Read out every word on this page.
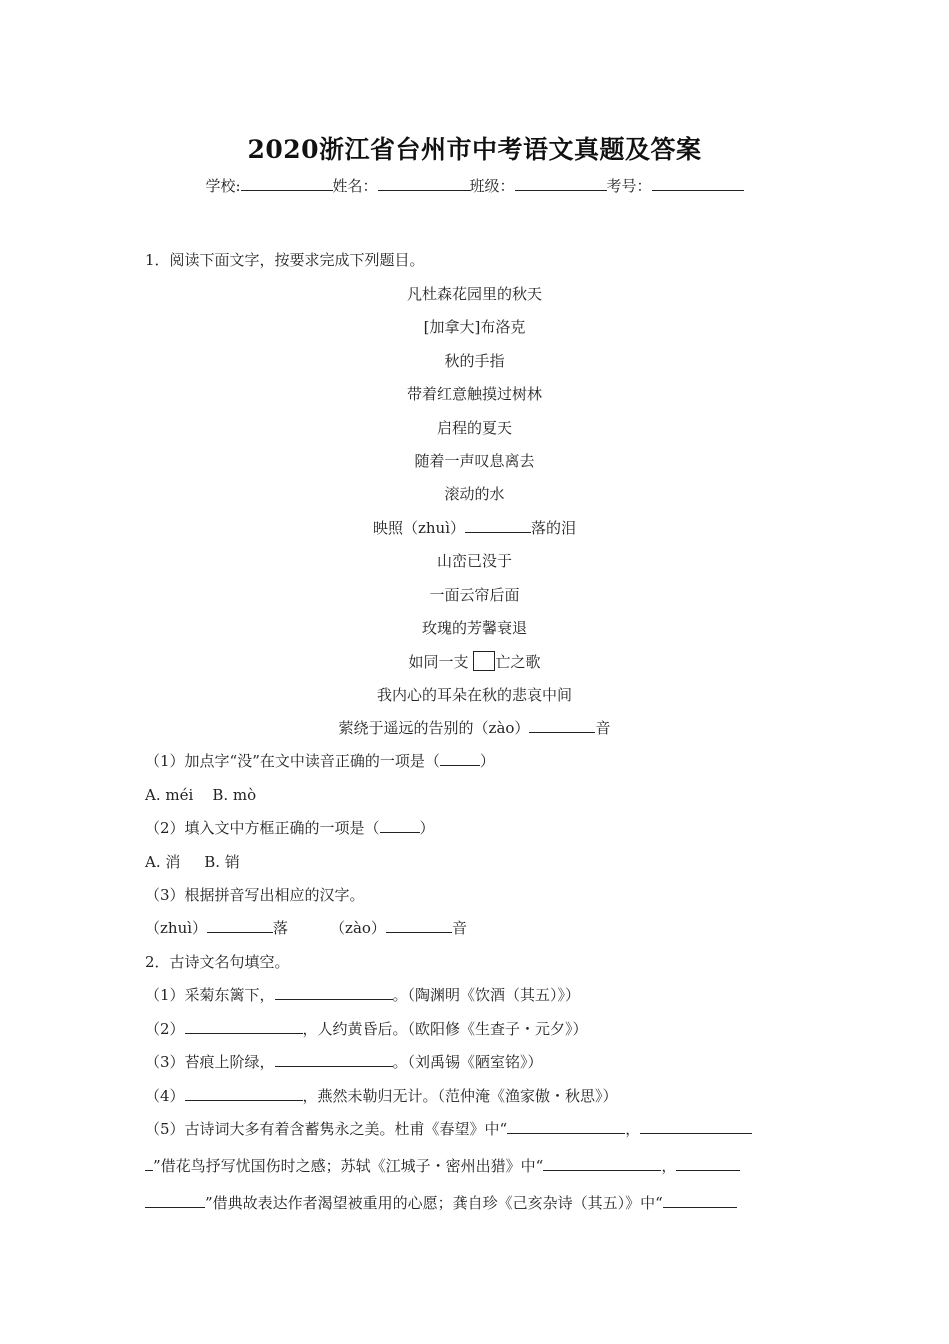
2020浙江省台州市中考语文真题及答案
学校:	姓名：	班级：	考号：
1．阅读下面文字，按要求完成下列题目。
凡杜森花园里的秋天
[加拿大]布洛克
秋的手指
带着红意触摸过树林
启程的夏天
随着一声叹息离去
滚动的水
映照（zhuì）	落的泪
山峦已没于
一面云帘后面
玫瑰的芳馨衰退
如同一支 亡之歌
我内心的耳朵在秋的悲哀中间
萦绕于遥远的告别的（zào）	音
（1）加点字“没”在文中读音正确的一项是（	）
A. méi    B. mò
（2）填入文中方框正确的一项是（	）
A. 消     B. 销
（3）根据拼音写出相应的汉字。
（zhuì）	落	（zào）	音
2．古诗文名句填空。
（1）采菊东篱下，	。（陶渊明《饮酒（其五）》）
（2）	，人约黄昏后。（欧阳修《生查子・元夕》）
（3）苔痕上阶绿，	。（刘禹锡《陋室铭》）
（4）	，燕然未勒归无计。（范仲淹《渔家傲・秋思》）
（5）古诗词大多有着含蓄隽永之美。杜甫《春望》中“	，
”借花鸟抒写忧国伤时之感；苏轼《江城子・密州出猎》中“	，
”借典故表达作者渴望被重用的心愿；龚自珍《己亥杂诗（其五）》中“
